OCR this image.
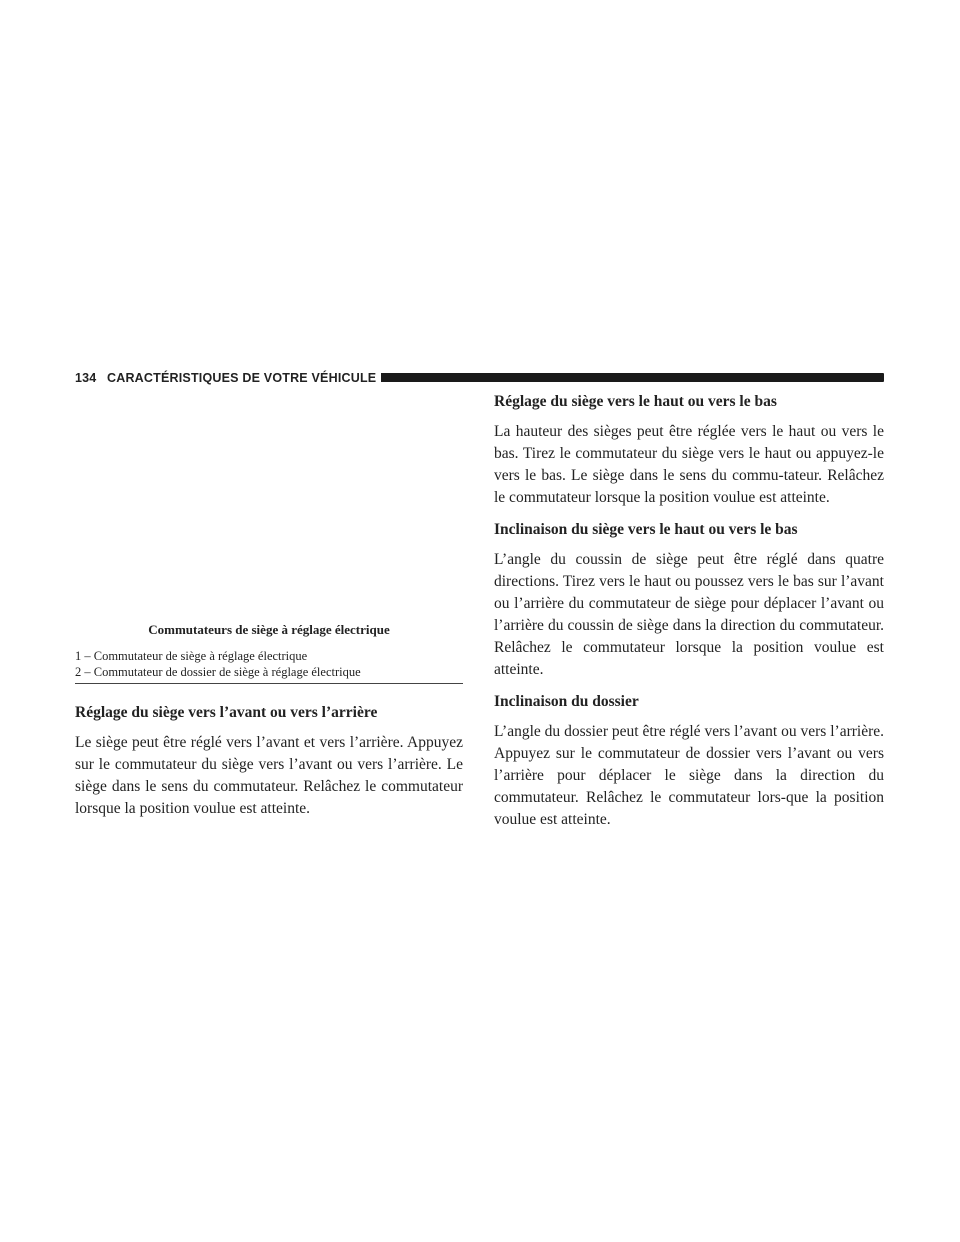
134 CARACTÉRISTIQUES DE VOTRE VÉHICULE
Commutateurs de siège à réglage électrique
1 – Commutateur de siège à réglage électrique
2 – Commutateur de dossier de siège à réglage électrique
Réglage du siège vers l’avant ou vers l’arrière

Le siège peut être réglé vers l’avant et vers l’arrière. Appuyez sur le commutateur du siège vers l’avant ou vers l’arrière. Le siège dans le sens du commutateur. Relâchez le commutateur lorsque la position voulue est atteinte.

Réglage du siège vers le haut ou vers le bas

La hauteur des sièges peut être réglée vers le haut ou vers le bas. Tirez le commutateur du siège vers le haut ou appuyez-le vers le bas. Le siège dans le sens du commu-tateur. Relâchez le commutateur lorsque la position voulue est atteinte.

Inclinaison du siège vers le haut ou vers le bas

L’angle du coussin de siège peut être réglé dans quatre directions. Tirez vers le haut ou poussez vers le bas sur l’avant ou l’arrière du commutateur de siège pour déplacer l’avant ou l’arrière du coussin de siège dans la direction du commutateur. Relâchez le commutateur lorsque la position voulue est atteinte.

Inclinaison du dossier

L’angle du dossier peut être réglé vers l’avant ou vers l’arrière. Appuyez sur le commutateur de dossier vers l’avant ou vers l’arrière pour déplacer le siège dans la direction du commutateur. Relâchez le commutateur lors-que la position voulue est atteinte.
